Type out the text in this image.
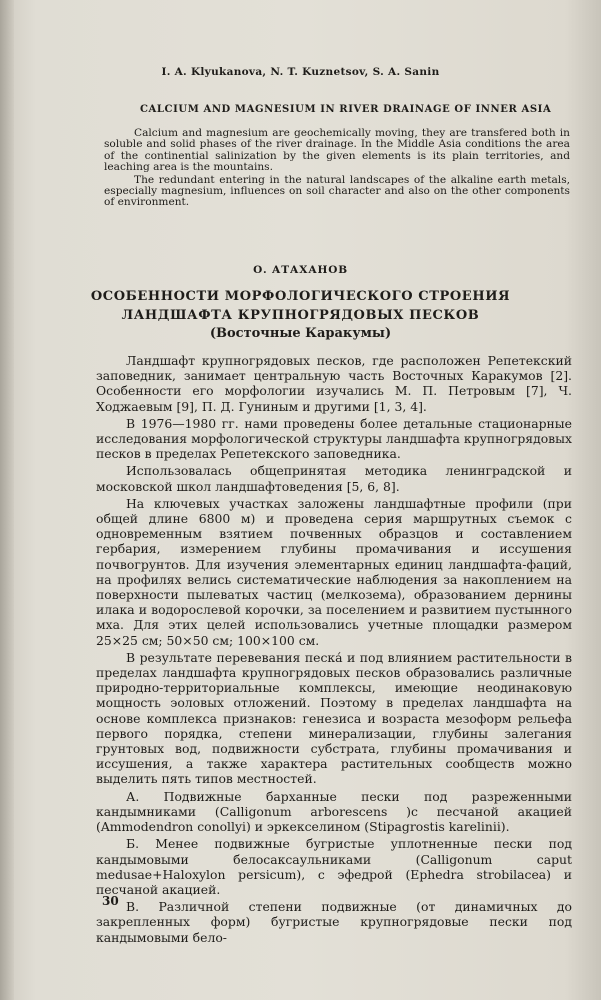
I. A. Klyukanova, N. T. Kuznetsov, S. A. Sanin
CALCIUM AND MAGNESIUM IN RIVER DRAINAGE OF INNER ASIA

Calcium and magnesium are geochemically moving, they are transfered both in soluble and solid phases of the river drainage. In the Middle Asia conditions the area of the continential salinization by the given elements is its plain territories, and leaching area is the mountains.

The redundant entering in the natural landscapes of the alkaline earth metals, especially magnesium, influences on soil character and also on the other components of environment.

О. АТАХАНОВ
ОСОБЕННОСТИ МОРФОЛОГИЧЕСКОГО СТРОЕНИЯ
ЛАНДШАФТА КРУПНОГРЯДОВЫХ ПЕСКОВ
(Восточные Каракумы)

Ландшафт крупногрядовых песков, где расположен Репетекский заповедник, занимает центральную часть Восточных Каракумов [2]. Особенности его морфологии изучались М. П. Петровым [7], Ч. Ходжаевым [9], П. Д. Гуниным и другими [1, 3, 4].

В 1976—1980 гг. нами проведены более детальные стационарные исследования морфологической структуры ландшафта крупногрядовых песков в пределах Репетекского заповедника.

Использовалась общепринятая методика ленинградской и московской школ ландшафтоведения [5, 6, 8].

На ключевых участках заложены ландшафтные профили (при общей длине 6800 м) и проведена серия маршрутных съемок с одновременным взятием почвенных образцов и составлением гербария, измерением глубины промачивания и иссушения почвогрунтов. Для изучения элементарных единиц ландшафта-фаций, на профилях велись систематические наблюдения за накоплением на поверхности пылеватых частиц (мелкозема), образованием дернины илака и водорослевой корочки, за поселением и развитием пустынного мха. Для этих целей использовались учетные площадки размером 25×25 см; 50×50 см; 100×100 см.

В результате перевевания песка́ и под влиянием растительности в пределах ландшафта крупногрядовых песков образовались различные природно-территориальные комплексы, имеющие неодинаковую мощность эоловых отложений. Поэтому в пределах ландшафта на основе комплекса признаков: генезиса и возраста мезоформ рельефа первого порядка, степени минерализации, глубины залегания грунтовых вод, подвижности субстрата, глубины промачивания и иссушения, а также характера растительных сообществ можно выделить пять типов местностей.

А. Подвижные барханные пески под разреженными кандымниками (Calligonum arborescens )с песчаной акацией (Ammodendron conollyi) и эркекселином (Stipagrostis karelinii).

Б. Менее подвижные бугристые уплотненные пески под кандымовыми белосаксаульниками (Calligonum caput medusae+Haloxylon persicum), с эфедрой (Ephedra strobilacea) и песчаной акацией.

В. Различной степени подвижные (от динамичных до закрепленных форм) бугристые крупногрядовые пески под кандымовыми бело-

30
